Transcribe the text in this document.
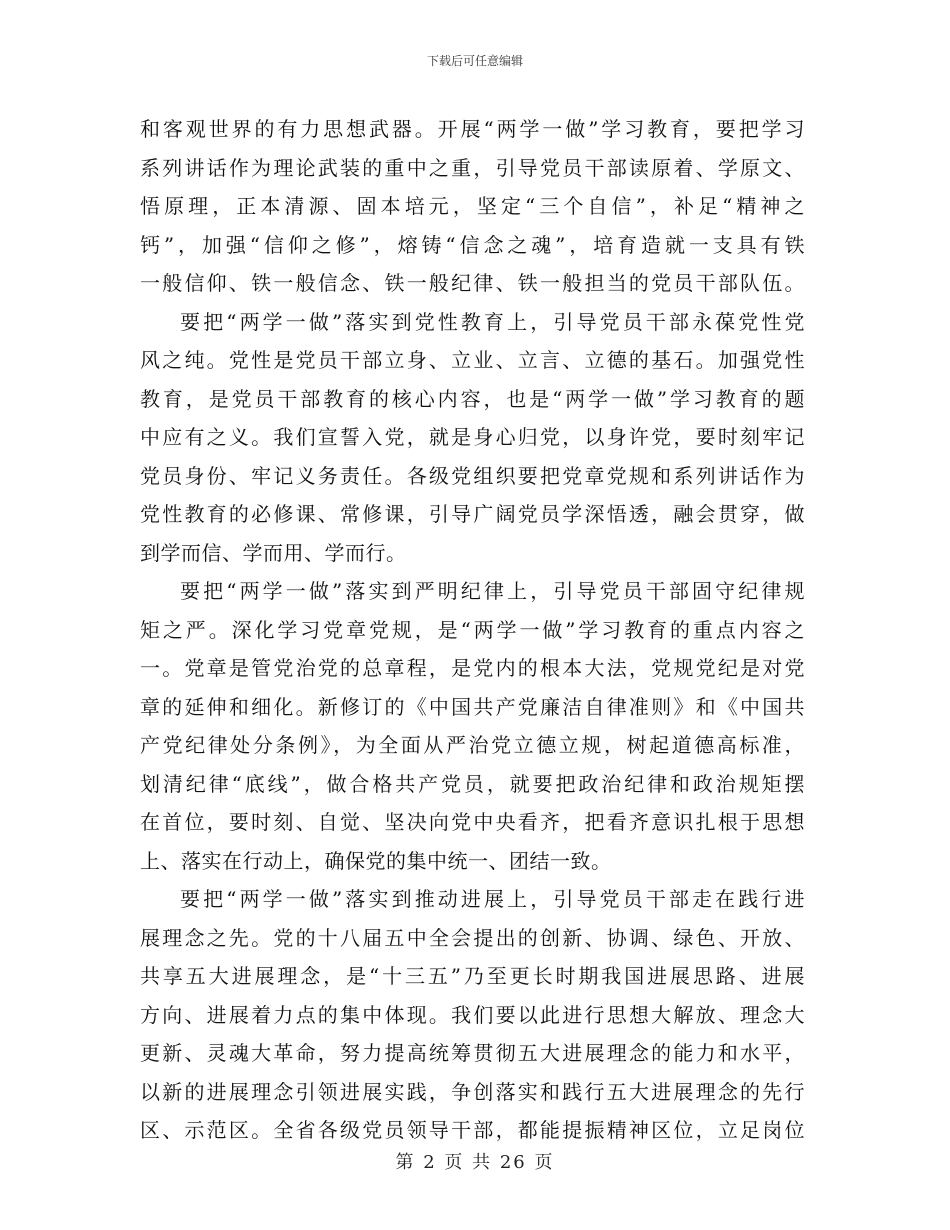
下载后可任意编辑
和客观世界的有力思想武器。开展“两学一做”学习教育，要把学习
系列讲话作为理论武装的重中之重，引导党员干部读原着、学原文、
悟原理，正本清源、固本培元，坚定“三个自信”，补足“精神之
钙”，加强“信仰之修”，熔铸“信念之魂”，培育造就一支具有铁
一般信仰、铁一般信念、铁一般纪律、铁一般担当的党员干部队伍。
要把“两学一做”落实到党性教育上，引导党员干部永葆党性党
风之纯。党性是党员干部立身、立业、立言、立德的基石。加强党性
教育，是党员干部教育的核心内容，也是“两学一做”学习教育的题
中应有之义。我们宣誓入党，就是身心归党，以身许党，要时刻牢记
党员身份、牢记义务责任。各级党组织要把党章党规和系列讲话作为
党性教育的必修课、常修课，引导广阔党员学深悟透，融会贯穿，做
到学而信、学而用、学而行。
要把“两学一做”落实到严明纪律上，引导党员干部固守纪律规
矩之严。深化学习党章党规，是“两学一做”学习教育的重点内容之
一。党章是管党治党的总章程，是党内的根本大法，党规党纪是对党
章的延伸和细化。新修订的《中国共产党廉洁自律准则》和《中国共
产党纪律处分条例》，为全面从严治党立德立规，树起道德高标准，
划清纪律“底线”，做合格共产党员，就要把政治纪律和政治规矩摆
在首位，要时刻、自觉、坚决向党中央看齐，把看齐意识扎根于思想
上、落实在行动上，确保党的集中统一、团结一致。
要把“两学一做”落实到推动进展上，引导党员干部走在践行进
展理念之先。党的十八届五中全会提出的创新、协调、绿色、开放、
共享五大进展理念，是“十三五”乃至更长时期我国进展思路、进展
方向、进展着力点的集中体现。我们要以此进行思想大解放、理念大
更新、灵魂大革命，努力提高统筹贯彻五大进展理念的能力和水平，
以新的进展理念引领进展实践，争创落实和践行五大进展理念的先行
区、示范区。全省各级党员领导干部，都能提振精神区位，立足岗位
第 2 页 共 26 页
